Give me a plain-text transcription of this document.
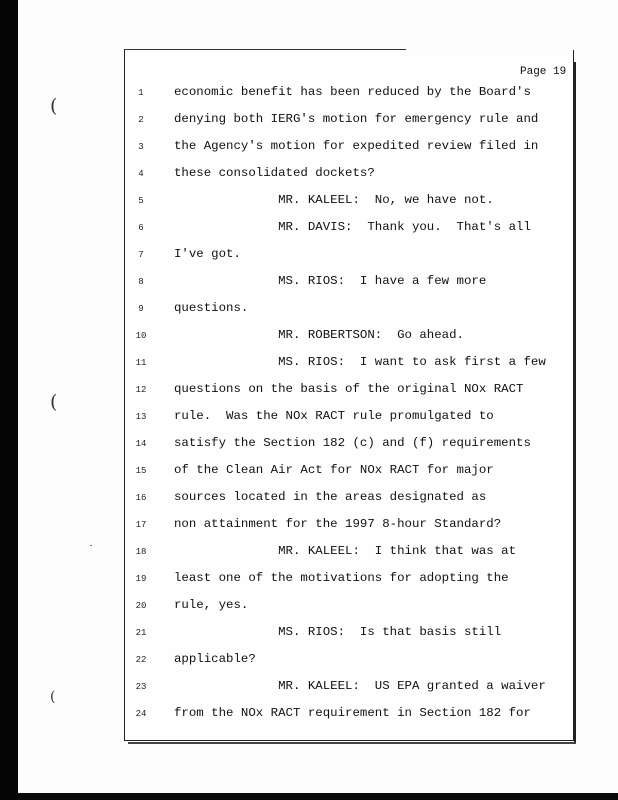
(
(
(
Page 19
1	economic benefit has been reduced by the Board's
2	denying both IERG's motion for emergency rule and
3	the Agency's motion for expedited review filed in
4	these consolidated dockets?
5	MR. KALEEL:  No, we have not.
6	MR. DAVIS:  Thank you.  That's all
7	I've got.
8	MS. RIOS:  I have a few more
9	questions.
10	MR. ROBERTSON:  Go ahead.
11	MS. RIOS:  I want to ask first a few
12	questions on the basis of the original NOx RACT
13	rule.  Was the NOx RACT rule promulgated to
14	satisfy the Section 182 (c) and (f) requirements
15	of the Clean Air Act for NOx RACT for major
16	sources located in the areas designated as
17	non attainment for the 1997 8-hour Standard?
18	MR. KALEEL:  I think that was at
19	least one of the motivations for adopting the
20	rule, yes.
21	MS. RIOS:  Is that basis still
22	applicable?
23	MR. KALEEL:  US EPA granted a waiver
24	from the NOx RACT requirement in Section 182 for
